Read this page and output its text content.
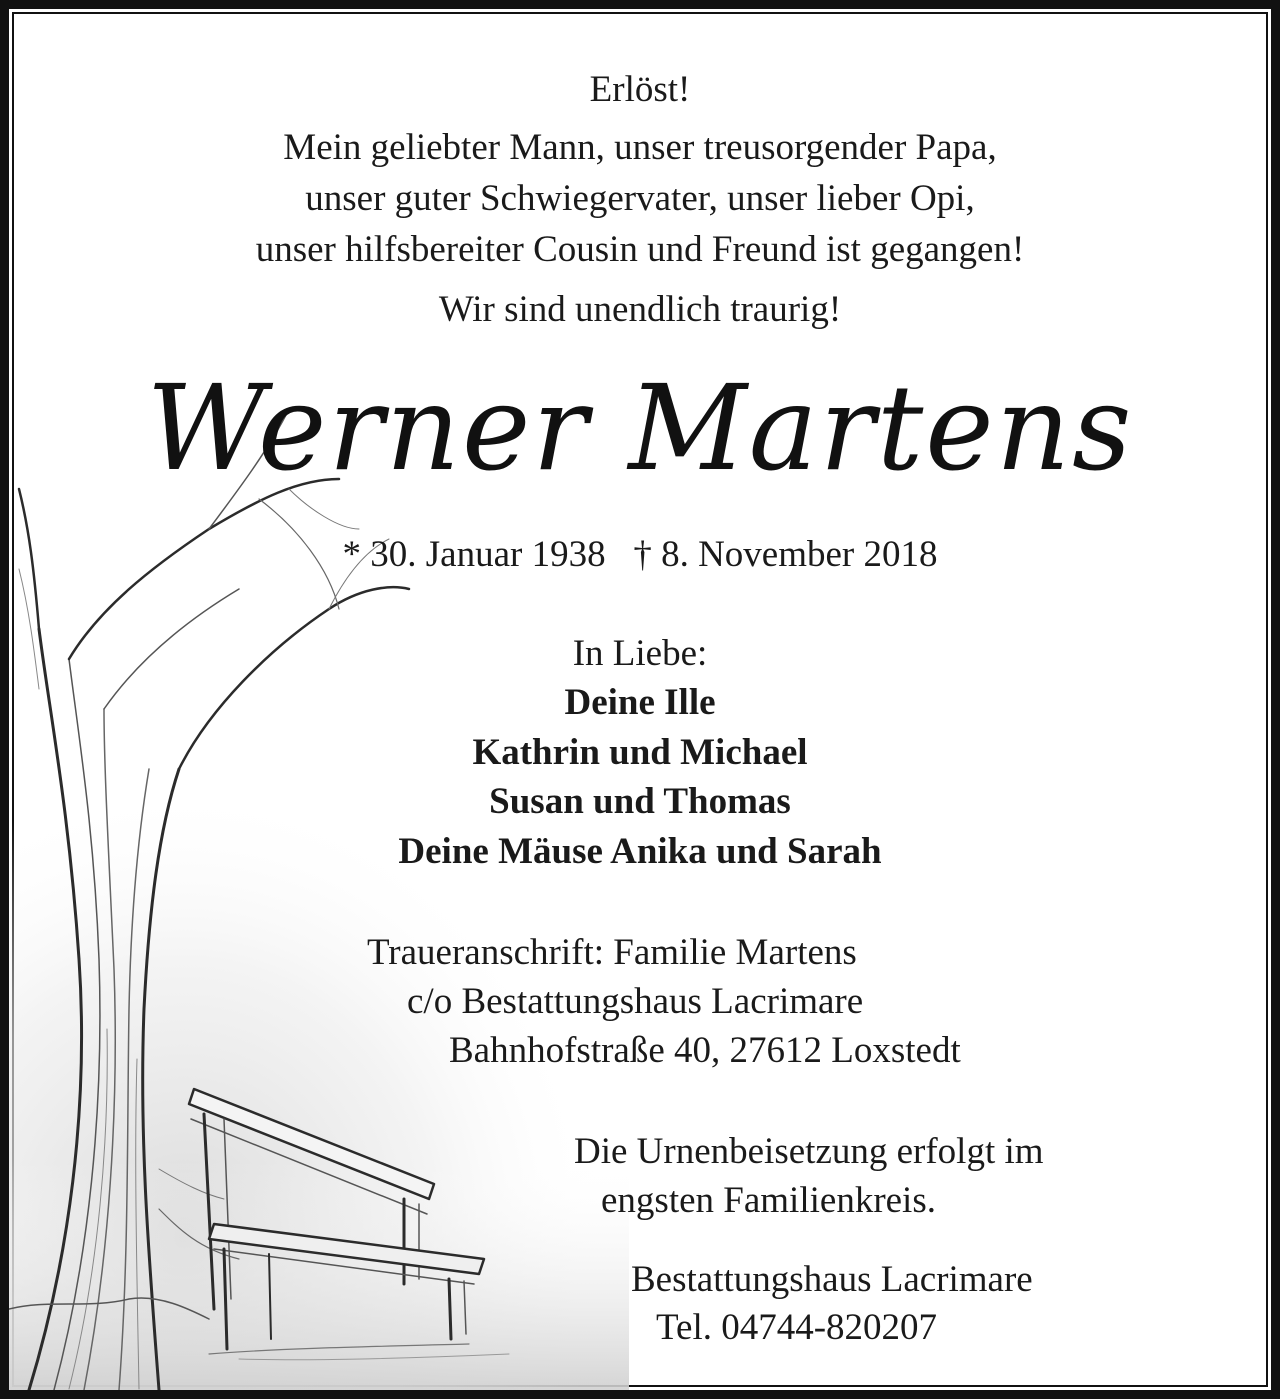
Erlöst!
Mein geliebter Mann, unser treusorgender Papa,
unser guter Schwiegervater, unser lieber Opi,
unser hilfsbereiter Cousin und Freund ist gegangen!
Wir sind unendlich traurig!
Werner Martens
* 30. Januar 1938   † 8. November 2018
In Liebe:
Deine Ille
Kathrin und Michael
Susan und Thomas
Deine Mäuse Anika und Sarah
Traueranschrift: Familie Martens
c/o Bestattungshaus Lacrimare
Bahnhofstraße 40, 27612 Loxstedt
Die Urnenbeisetzung erfolgt im
engsten Familienkreis.
Bestattungshaus Lacrimare
Tel. 04744-820207
